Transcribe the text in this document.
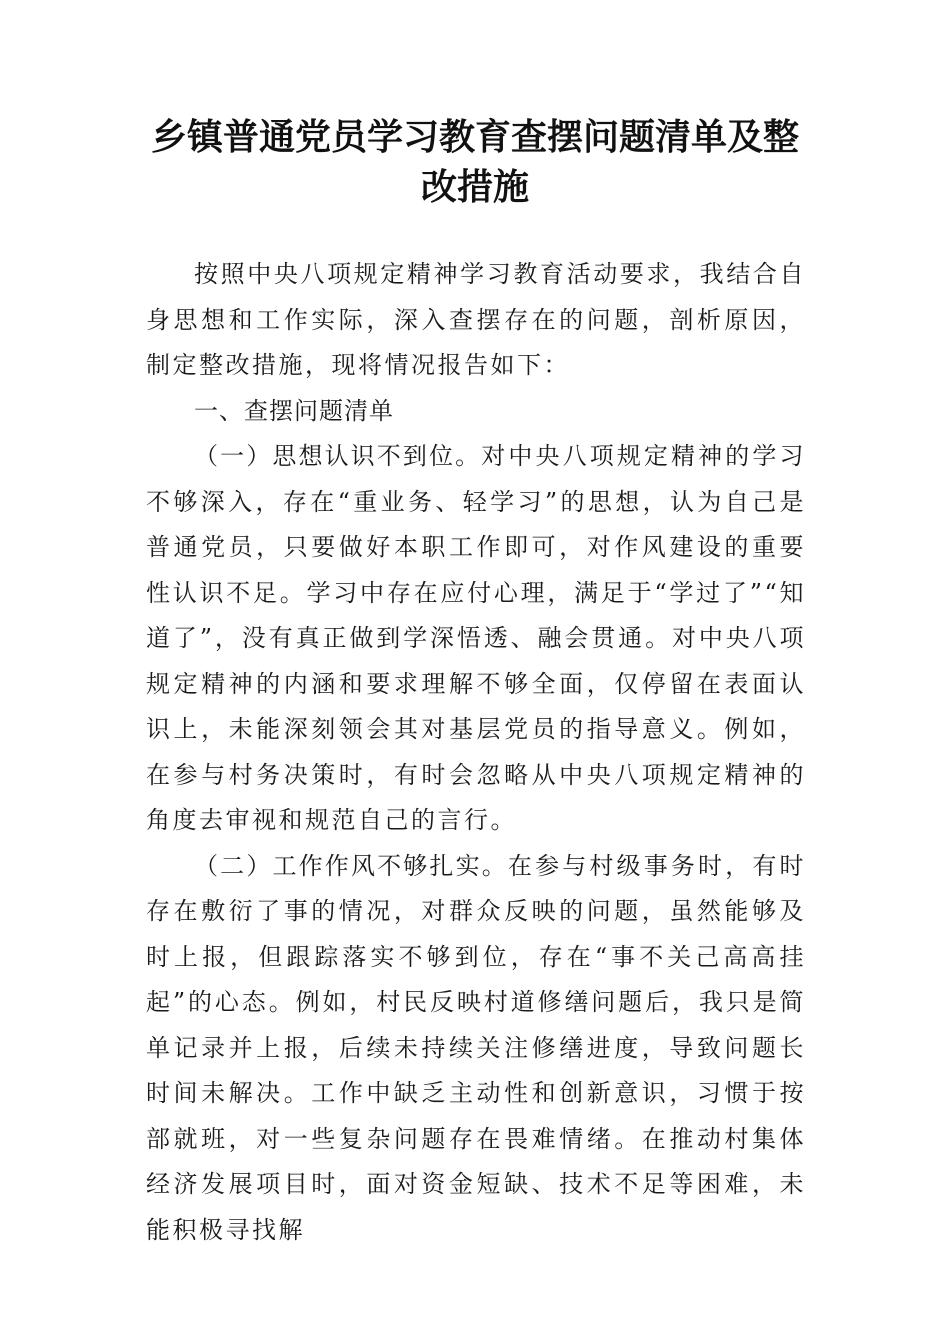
乡镇普通党员学习教育查摆问题清单及整改措施

按照中央八项规定精神学习教育活动要求，我结合自身思想和工作实际，深入查摆存在的问题，剖析原因，制定整改措施，现将情况报告如下：

一、查摆问题清单

（一）思想认识不到位。对中央八项规定精神的学习不够深入，存在“重业务、轻学习”的思想，认为自己是普通党员，只要做好本职工作即可，对作风建设的重要性认识不足。学习中存在应付心理，满足于“学过了”“知道了”，没有真正做到学深悟透、融会贯通。对中央八项规定精神的内涵和要求理解不够全面，仅停留在表面认识上，未能深刻领会其对基层党员的指导意义。例如，在参与村务决策时，有时会忽略从中央八项规定精神的角度去审视和规范自己的言行。

（二）工作作风不够扎实。在参与村级事务时，有时存在敷衍了事的情况，对群众反映的问题，虽然能够及时上报，但跟踪落实不够到位，存在“事不关己高高挂起”的心态。例如，村民反映村道修缮问题后，我只是简单记录并上报，后续未持续关注修缮进度，导致问题长时间未解决。工作中缺乏主动性和创新意识，习惯于按部就班，对一些复杂问题存在畏难情绪。在推动村集体经济发展项目时，面对资金短缺、技术不足等困难，未能积极寻找解
